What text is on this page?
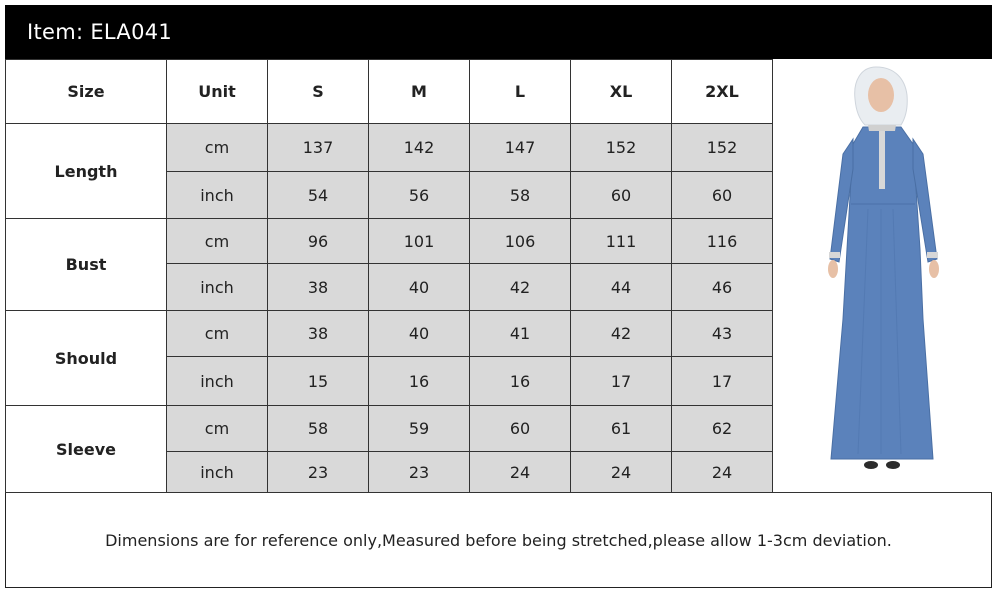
Item: ELA041
Size	Unit	S	M	L	XL	2XL
Length	cm	137	142	147	152	152
	inch	54	56	58	60	60
Bust	cm	96	101	106	111	116
	inch	38	40	42	44	46
Should	cm	38	40	41	42	43
	inch	15	16	16	17	17
Sleeve	cm	58	59	60	61	62
	inch	23	23	24	24	24
Dimensions are for reference only,Measured before being stretched,please allow 1-3cm deviation.
